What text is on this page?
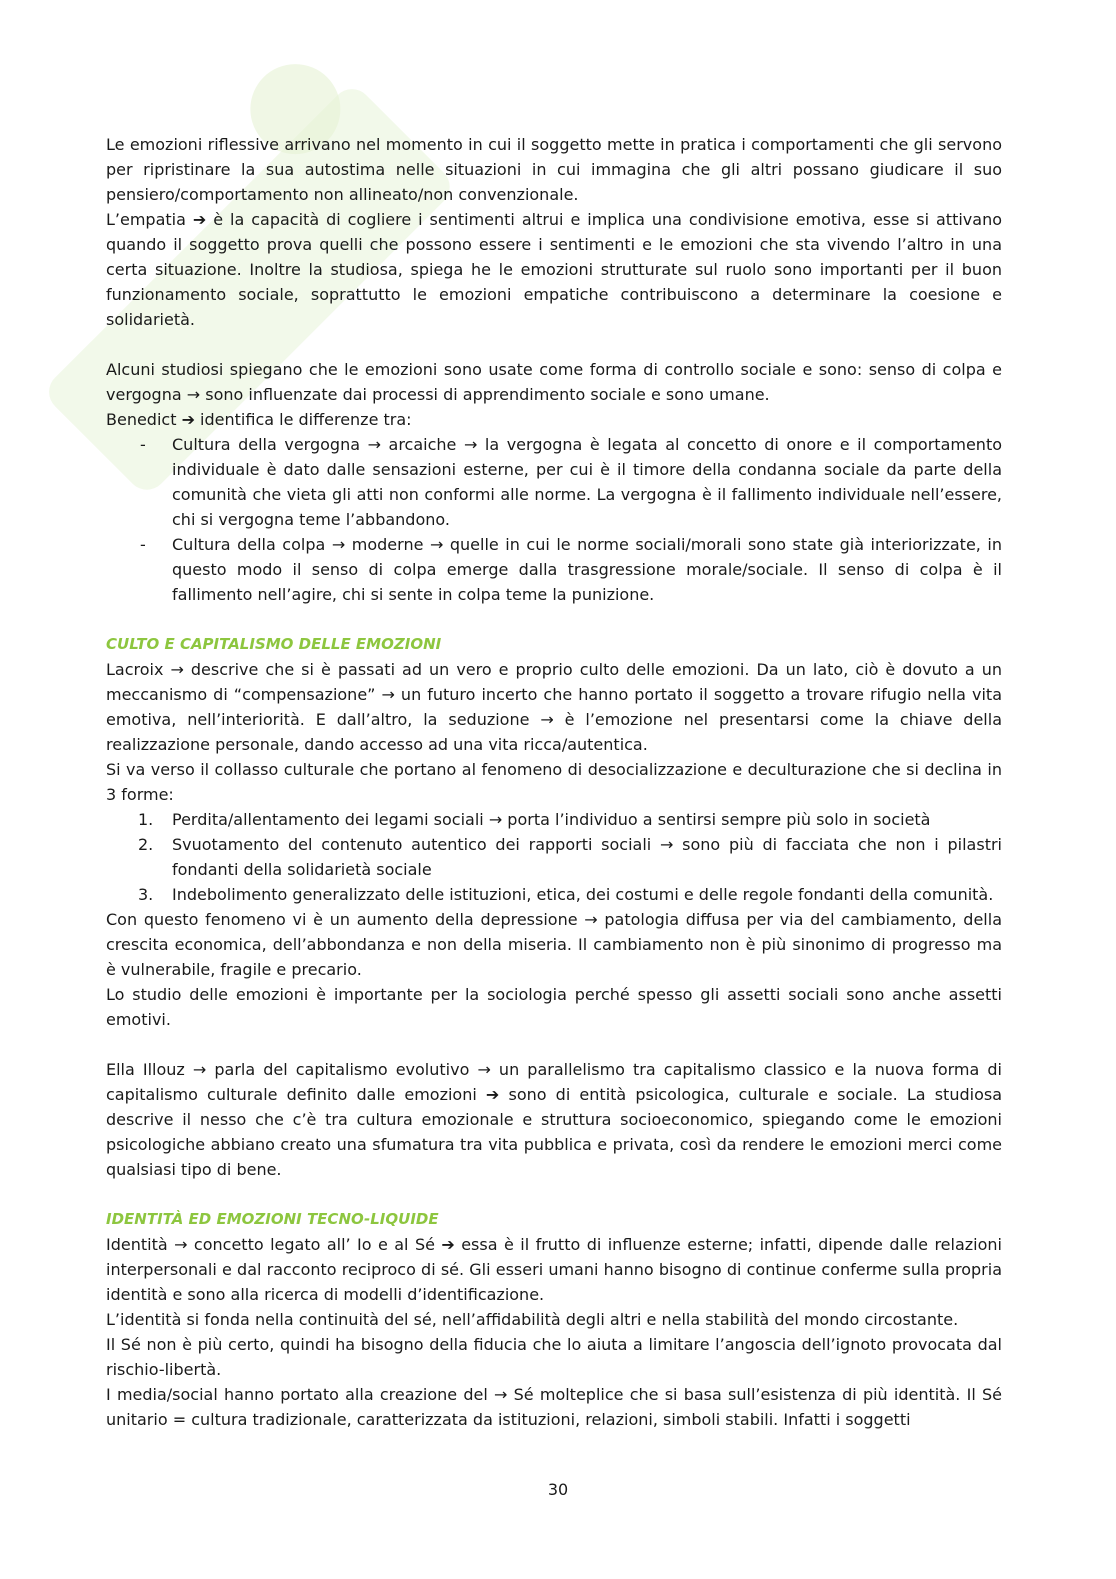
Le emozioni riflessive arrivano nel momento in cui il soggetto mette in pratica i comportamenti che gli servono per ripristinare la sua autostima nelle situazioni in cui immagina che gli altri possano giudicare il suo pensiero/comportamento non allineato/non convenzionale.

L’empatia ➔ è la capacità di cogliere i sentimenti altrui e implica una condivisione emotiva, esse si attivano quando il soggetto prova quelli che possono essere i sentimenti e le emozioni che sta vivendo l’altro in una certa situazione. Inoltre la studiosa, spiega he le emozioni strutturate sul ruolo sono importanti per il buon funzionamento sociale, soprattutto le emozioni empatiche contribuiscono a determinare la coesione e solidarietà.

Alcuni studiosi spiegano che le emozioni sono usate come forma di controllo sociale e sono: senso di colpa e vergogna → sono influenzate dai processi di apprendimento sociale e sono umane.

Benedict ➔ identifica le differenze tra:

- Cultura della vergogna → arcaiche → la vergogna è legata al concetto di onore e il comportamento individuale è dato dalle sensazioni esterne, per cui è il timore della condanna sociale da parte della comunità che vieta gli atti non conformi alle norme. La vergogna è il fallimento individuale nell’essere, chi si vergogna teme l’abbandono.
- Cultura della colpa → moderne → quelle in cui le norme sociali/morali sono state già interiorizzate, in questo modo il senso di colpa emerge dalla trasgressione morale/sociale. Il senso di colpa è il fallimento nell’agire, chi si sente in colpa teme la punizione.
CULTO E CAPITALISMO DELLE EMOZIONI

Lacroix → descrive che si è passati ad un vero e proprio culto delle emozioni. Da un lato, ciò è dovuto a un meccanismo di “compensazione” → un futuro incerto che hanno portato il soggetto a trovare rifugio nella vita emotiva, nell’interiorità. E dall’altro, la seduzione → è l’emozione nel presentarsi come la chiave della realizzazione personale, dando accesso ad una vita ricca/autentica.

Si va verso il collasso culturale che portano al fenomeno di desocializzazione e deculturazione che si declina in 3 forme:

1. Perdita/allentamento dei legami sociali → porta l’individuo a sentirsi sempre più solo in società
2. Svuotamento del contenuto autentico dei rapporti sociali → sono più di facciata che non i pilastri fondanti della solidarietà sociale
3. Indebolimento generalizzato delle istituzioni, etica, dei costumi e delle regole fondanti della comunità.

Con questo fenomeno vi è un aumento della depressione → patologia diffusa per via del cambiamento, della crescita economica, dell’abbondanza e non della miseria. Il cambiamento non è più sinonimo di progresso ma è vulnerabile, fragile e precario.

Lo studio delle emozioni è importante per la sociologia perché spesso gli assetti sociali sono anche assetti emotivi.

Ella Illouz → parla del capitalismo evolutivo → un parallelismo tra capitalismo classico e la nuova forma di capitalismo culturale definito dalle emozioni ➔ sono di entità psicologica, culturale e sociale. La studiosa descrive il nesso che c’è tra cultura emozionale e struttura socioeconomico, spiegando come le emozioni psicologiche abbiano creato una sfumatura tra vita pubblica e privata, così da rendere le emozioni merci come qualsiasi tipo di bene.

IDENTITÀ ED EMOZIONI TECNO-LIQUIDE

Identità → concetto legato all’ Io e al Sé ➔ essa è il frutto di influenze esterne; infatti, dipende dalle relazioni interpersonali e dal racconto reciproco di sé. Gli esseri umani hanno bisogno di continue conferme sulla propria identità e sono alla ricerca di modelli d’identificazione.

L’identità si fonda nella continuità del sé, nell’affidabilità degli altri e nella stabilità del mondo circostante.

Il Sé non è più certo, quindi ha bisogno della fiducia che lo aiuta a limitare l’angoscia dell’ignoto provocata dal rischio-libertà.

I media/social hanno portato alla creazione del → Sé molteplice che si basa sull’esistenza di più identità. Il Sé unitario = cultura tradizionale, caratterizzata da istituzioni, relazioni, simboli stabili. Infatti i soggetti

30
